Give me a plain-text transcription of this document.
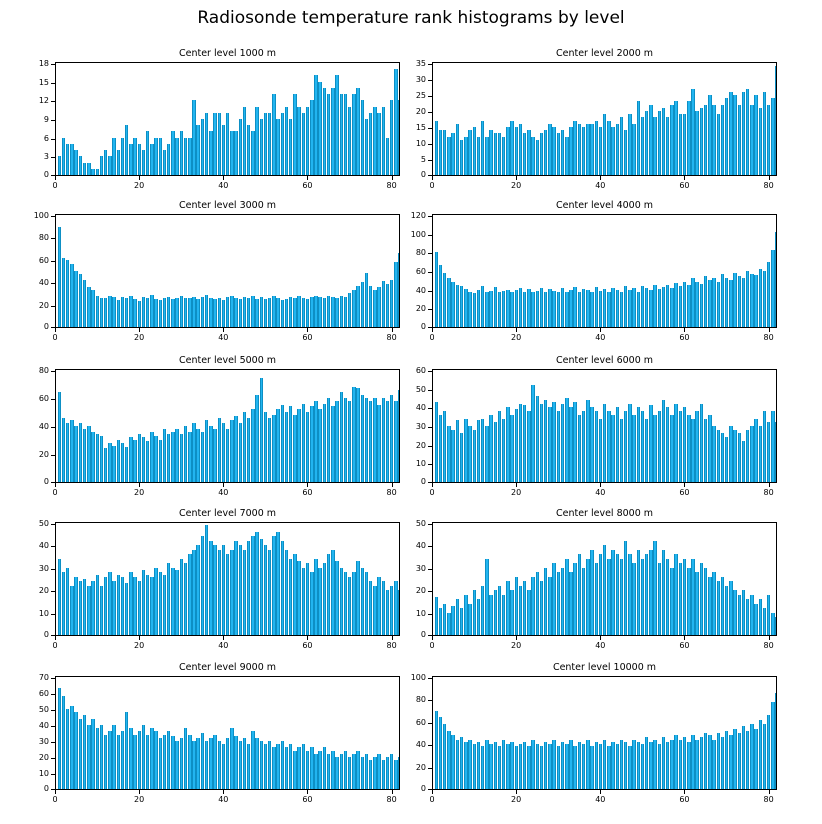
Radiosonde temperature rank histograms by level
Center level 1000 m
0
3
6
9
12
15
18
0	20	40	60	80
Center level 2000 m
0
5
10
15
20
25
30
35
0	20	40	60	80
Center level 3000 m
0
20
40
60
80
100
0	20	40	60	80
Center level 4000 m
0
20
40
60
80
100
120
0	20	40	60	80
Center level 5000 m
0
20
40
60
80
0	20	40	60	80
Center level 6000 m
0
10
20
30
40
50
60
0	20	40	60	80
Center level 7000 m
0
10
20
30
40
50
0	20	40	60	80
Center level 8000 m
0
10
20
30
40
50
0	20	40	60	80
Center level 9000 m
0
10
20
30
40
50
60
70
0	20	40	60	80
Center level 10000 m
0
20
40
60
80
100
0	20	40	60	80
